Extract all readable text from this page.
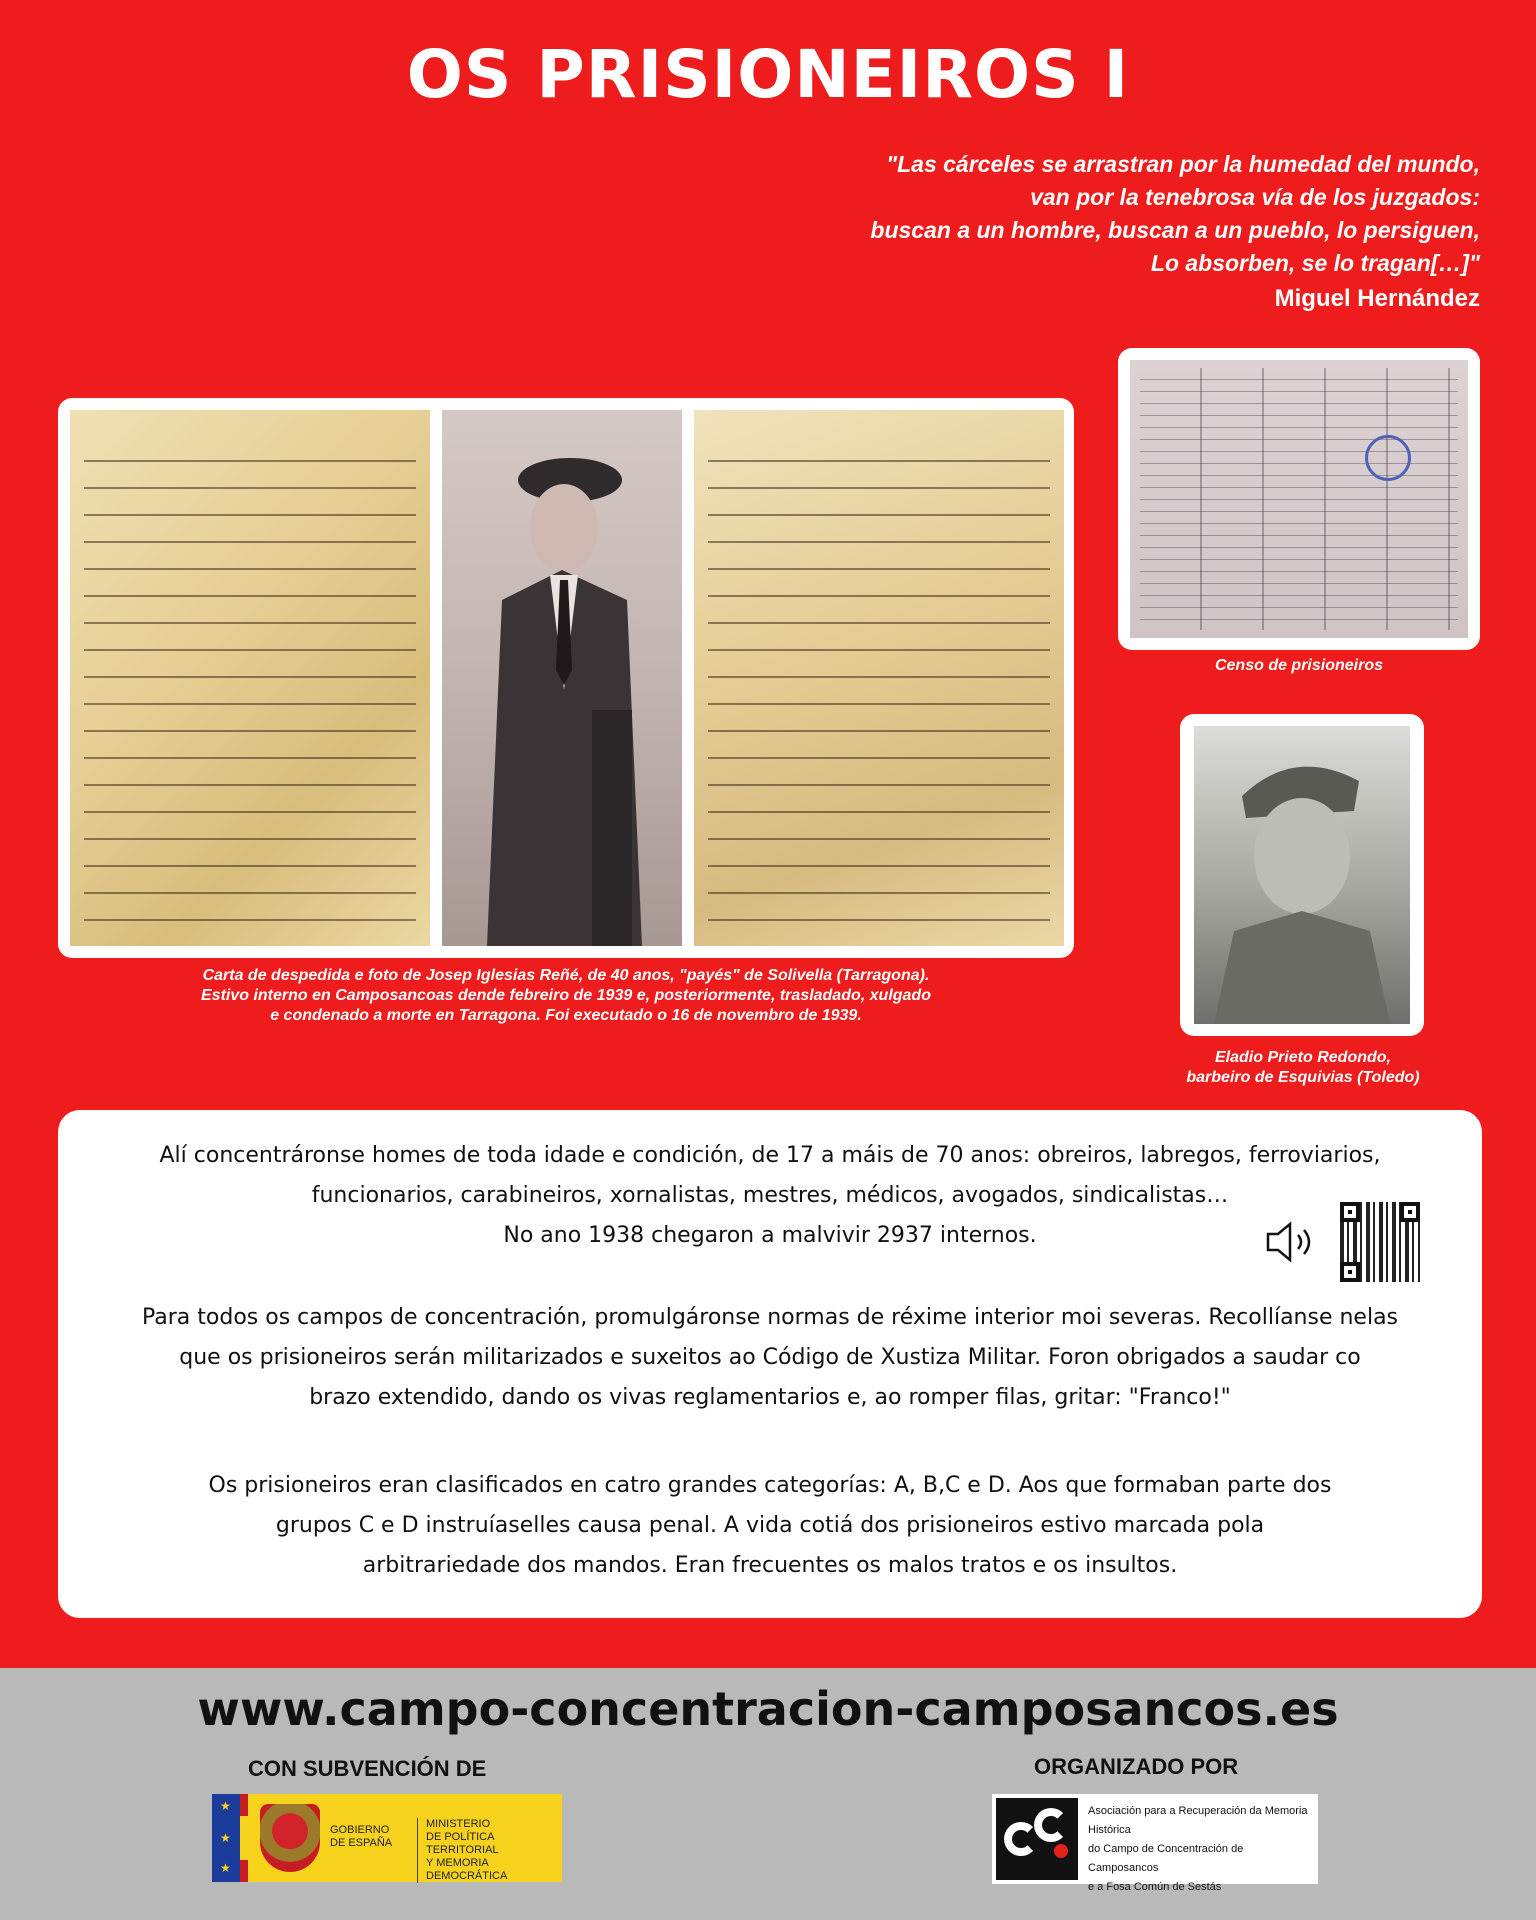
OS PRISIONEIROS I
"Las cárceles se arrastran por la humedad del mundo,
van por la tenebrosa vía de los juzgados:
buscan a un hombre, buscan a un pueblo, lo persiguen,
Lo absorben, se lo tragan[…]"
Miguel Hernández
Carta de despedida e foto de Josep Iglesias Reñé, de 40 anos, "payés" de Solivella (Tarragona).
Estivo interno en Camposancoas dende febreiro de 1939 e, posteriormente, trasladado, xulgado
e condenado a morte en Tarragona. Foi executado o 16 de novembro de 1939.
Censo de prisioneiros
Eladio Prieto Redondo,
barbeiro de Esquivias (Toledo)
Alí concentráronse homes de toda idade e condición, de 17 a máis de 70 anos: obreiros, labregos, ferroviarios,
funcionarios, carabineiros, xornalistas, mestres, médicos, avogados, sindicalistas…
No ano 1938 chegaron a malvivir 2937 internos.
Para todos os campos de concentración, promulgáronse normas de réxime interior moi severas. Recollíanse nelas
que os prisioneiros serán militarizados e suxeitos ao Código de Xustiza Militar. Foron obrigados a saudar co
brazo extendido, dando os vivas reglamentarios e, ao romper filas, gritar: "Franco!"
Os prisioneiros eran clasificados en catro grandes categorías: A, B,C e D. Aos que formaban parte dos
grupos C e D instruíaselles causa penal. A vida cotiá dos prisioneiros estivo marcada pola
arbitrariedade dos mandos. Eran frecuentes os malos tratos e os insultos.
www.campo-concentracion-camposancos.es
CON SUBVENCIÓN DE	ORGANIZADO POR
★
★
★
GOBIERNO
DE ESPAÑA
MINISTERIO
DE POLÍTICA TERRITORIAL
Y MEMORIA DEMOCRÁTICA
Asociación para a Recuperación da Memoria Histórica
do Campo de Concentración de Camposancos
e a Fosa Común de Sestás
